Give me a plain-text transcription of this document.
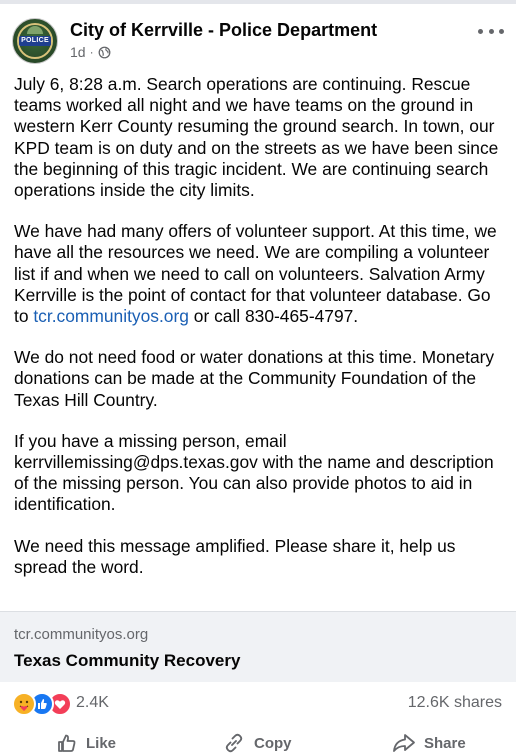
POLICE
City of Kerrville - Police Department
1d ·

July 6, 8:28 a.m. Search operations are continuing. Rescue teams worked all night and we have teams on the ground in western Kerr County resuming the ground search. In town, our KPD team is on duty and on the streets as we have been since the beginning of this tragic incident. We are continuing search operations inside the city limits.

We have had many offers of volunteer support. At this time, we have all the resources we need. We are compiling a volunteer list if and when we need to call on volunteers. Salvation Army Kerrville is the point of contact for that volunteer database. Go to tcr.communityos.org or call 830-465-4797.

We do not need food or water donations at this time. Monetary donations can be made at the Community Foundation of the Texas Hill Country.

If you have a missing person, email kerrvillemissing@dps.texas.gov with the name and description of the missing person. You can also provide photos to aid in identification.

We need this message amplified. Please share it, help us spread the word.

tcr.communityos.org
Texas Community Recovery
2.4K	12.6K shares
Like	Copy	Share
